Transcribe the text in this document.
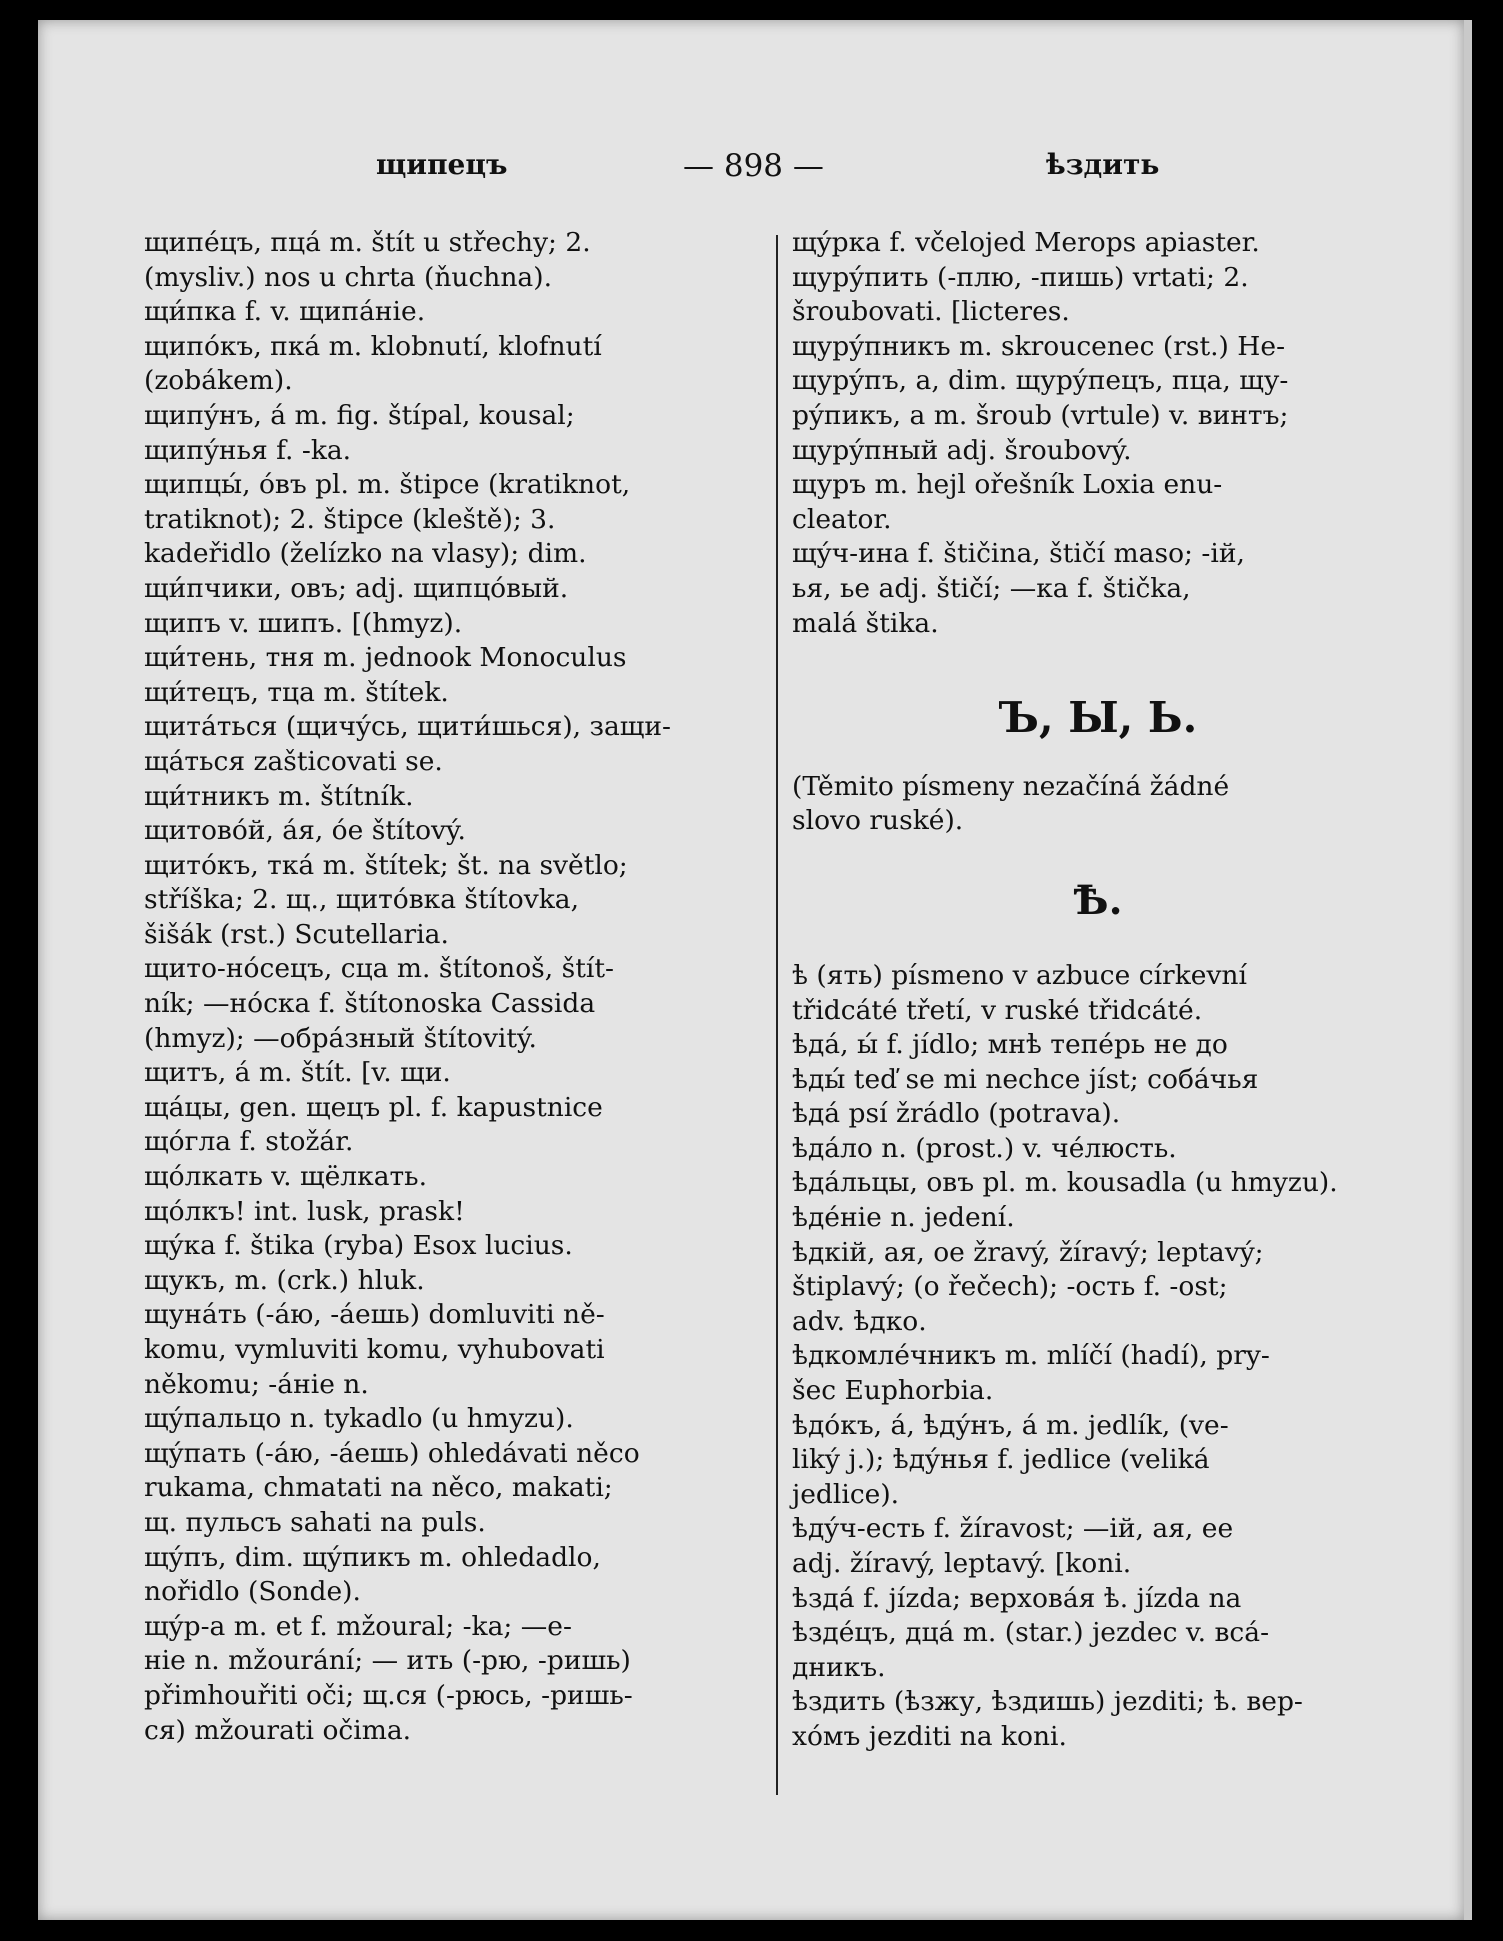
щипецъ	— 898 —	ѣздить
щипéцъ, пцá m. štít u střechy; 2.
(mysliv.) nos u chrta (ňuchna).
щи́пка f. v. щипáніе.
щипóкъ, пкá m. klobnutí, klofnutí
(zobákem).
щипýнъ, á m. fig. štípal, kousal;
щипýнья f. -ka.
щипцы́, óвъ pl. m. štipce (kratiknot,
tratiknot); 2. štipce (kleště); 3.
kadeřidlo (želízko na vlasy); dim.
щи́пчики, овъ; adj. щипцóвый.
щипъ v. шипъ. [(hmyz).
щи́тень, тня m. jednook Monoculus
щи́тецъ, тца m. štítek.
щитáться (щичýсь, щити́шься), защи-
щáться zašticovati se.
щи́тникъ m. štítník.
щитовóй, áя, óе štítový.
щитóкъ, ткá m. štítek; št. na světlo;
stříška; 2. щ., щитóвка štítovka,
šišák (rst.) Scutellaria.
щито-нóсецъ, сца m. štítonoš, štít-
ník; —нóска f. štítonoska Cassida
(hmyz); —обрáзный štítovitý.
щитъ, á m. štít. [v. щи.
щáцы, gen. щецъ pl. f. kapustnice
щóгла f. stožár.
щóлкать v. щёлкать.
щóлкъ! int. lusk, prask!
щýка f. štika (ryba) Esox lucius.
щукъ, m. (crk.) hluk.
щунáть (-áю, -áешь) domluviti ně-
komu, vymluviti komu, vyhubovati
někomu; -áніе n.
щýпальцо n. tykadlo (u hmyzu).
щýпать (-áю, -áешь) ohledávati něco
rukama, chmatati na něco, makati;
щ. пульсъ sahati na puls.
щýпъ, dim. щýпикъ m. ohledadlo,
nořidlo (Sonde).
щýр-а m. et f. mžoural; -ka; —е-
ніе n. mžourání; — ить (-рю, -ришь)
přimhouřiti oči; щ.ся (-рюсь, -ришь-
ся) mžourati očima.
щýрка f. včelojed Merops apiaster.
щурýпить (-плю, -пишь) vrtati; 2.
šroubovati. [licteres.
щурýпникъ m. skroucenec (rst.) He-
щурýпъ, а, dim. щурýпецъ, пца, щу-
рýпикъ, а m. šroub (vrtule) v. винтъ;
щурýпный adj. šroubový.
щуръ m. hejl ořešník Loxia enu-
cleator.
щýч-ина f. štičina, štičí maso; -ій,
ья, ье adj. štičí; —ка f. štička,
malá štika.
Ъ, Ы, Ь.
(Těmito písmeny nezačíná žádné
slovo ruské).
Ѣ.
ѣ (ять) písmeno v azbuce církevní
třidcáté třetí, v ruské třidcáté.
ѣдá, ы́ f. jídlo; мнѣ тепéрь не до
ѣды́ teď se mi nechce jíst; собáчья
ѣдá psí žrádlo (potrava).
ѣдáло n. (prost.) v. чéлюсть.
ѣдáльцы, овъ pl. m. kousadla (u hmyzu).
ѣдéніе n. jedení.
ѣдкій, ая, ое žravý, žíravý; leptavý;
štiplavý; (o řečech); -ость f. -ost;
adv. ѣдко.
ѣдкомлéчникъ m. mlíčí (hadí), pry-
šec Euphorbia.
ѣдóкъ, á, ѣдýнъ, á m. jedlík, (ve-
liký j.); ѣдýнья f. jedlice (veliká
jedlice).
ѣдýч-есть f. žíravost; —ій, ая, ее
adj. žíravý, leptavý. [koni.
ѣздá f. jízda; верховáя ѣ. jízda na
ѣздéцъ, дцá m. (star.) jezdec v. всá-
дникъ.
ѣздить (ѣзжу, ѣздишь) jezditi; ѣ. вер-
хóмъ jezditi na koni.
